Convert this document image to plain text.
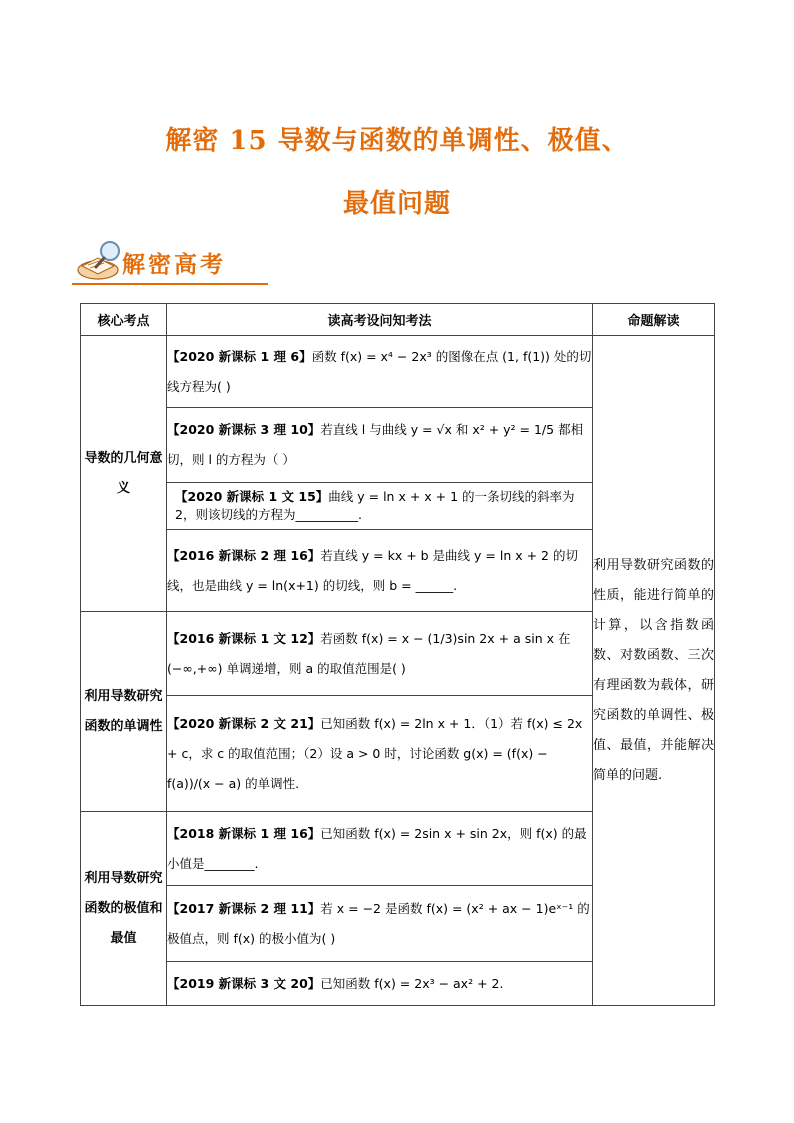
解密 15 导数与函数的单调性、极值、
最值问题
解密高考
核心考点	读高考设问知考法	命题解读
导数的几何意义	【2020 新课标 1 理 6】函数 f(x) = x⁴ − 2x³ 的图像在点 (1, f(1)) 处的切线方程为( )	利用导数研究函数的性质，能进行简单的计算，以含指数函数、对数函数、三次有理函数为载体，研究函数的单调性、极值、最值，并能解决简单的问题.
	【2020 新课标 3 理 10】若直线 l 与曲线 y = √x 和 x² + y² = 1/5 都相切，则 l 的方程为（ ）	
	【2020 新课标 1 文 15】曲线 y = ln x + x + 1 的一条切线的斜率为 2，则该切线的方程为__________.	
	【2016 新课标 2 理 16】若直线 y = kx + b 是曲线 y = ln x + 2 的切线，也是曲线 y = ln(x+1) 的切线，则 b = ______.	
利用导数研究函数的单调性	【2016 新课标 1 文 12】若函数 f(x) = x − (1/3)sin 2x + a sin x 在 (−∞,+∞) 单调递增，则 a 的取值范围是( )	
	【2020 新课标 2 文 21】已知函数 f(x) = 2ln x + 1．（1）若 f(x) ≤ 2x + c，求 c 的取值范围；（2）设 a > 0 时，讨论函数 g(x) = (f(x) − f(a))/(x − a) 的单调性.	
利用导数研究函数的极值和最值	【2018 新课标 1 理 16】已知函数 f(x) = 2sin x + sin 2x，则 f(x) 的最小值是________.	
	【2017 新课标 2 理 11】若 x = −2 是函数 f(x) = (x² + ax − 1)eˣ⁻¹ 的极值点，则 f(x) 的极小值为( )	
	【2019 新课标 3 文 20】已知函数 f(x) = 2x³ − ax² + 2.	
